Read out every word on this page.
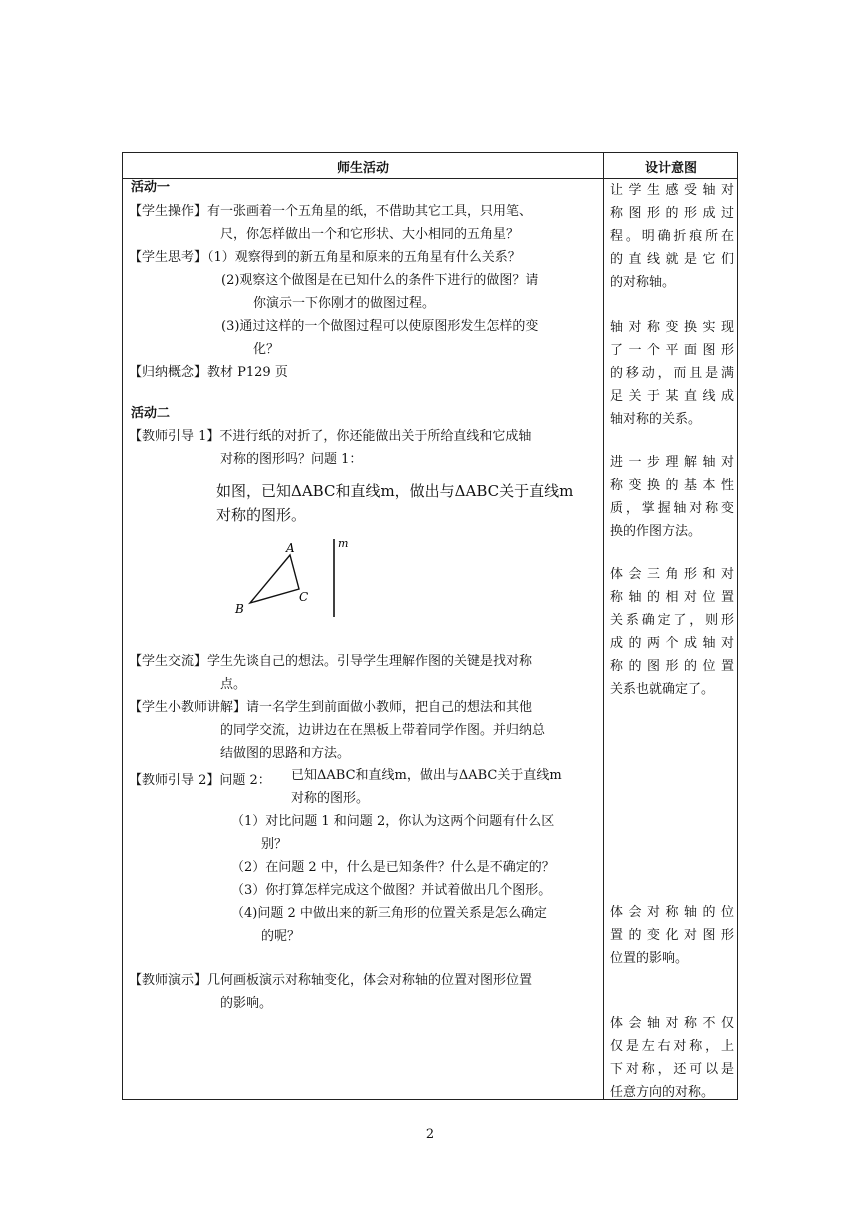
师生活动	设计意图
活动一
【学生操作】有一张画着一个五角星的纸，不借助其它工具，只用笔、
尺，你怎样做出一个和它形状、大小相同的五角星？
【学生思考】（1）观察得到的新五角星和原来的五角星有什么关系？
(2)观察这个做图是在已知什么的条件下进行的做图？请
你演示一下你刚才的做图过程。
(3)通过这样的一个做图过程可以使原图形发生怎样的变
化？
【归纳概念】教材 P129 页
活动二
【教师引导 1】不进行纸的对折了，你还能做出关于所给直线和它成轴
对称的图形吗？问题 1：
如图，已知ΔABC和直线m，做出与ΔABC关于直线m
对称的图形。
A
B
C
m
【学生交流】学生先谈自己的想法。引导学生理解作图的关键是找对称
点。
【学生小教师讲解】请一名学生到前面做小教师，把自己的想法和其他
的同学交流，边讲边在在黑板上带着同学作图。并归纳总
结做图的思路和方法。
【教师引导 2】问题 2： 已知ΔABC和直线m，做出与ΔABC关于直线m
对称的图形。
（1）对比问题 1 和问题 2，你认为这两个问题有什么区
别？
（2）在问题 2 中，什么是已知条件？什么是不确定的？
（3）你打算怎样完成这个做图？并试着做出几个图形。
（4)问题 2 中做出来的新三角形的位置关系是怎么确定
的呢？
【教师演示】几何画板演示对称轴变化，体会对称轴的位置对图形位置
的影响。
让学生感受轴对
称图形的形成过
程。明确折痕所在
的直线就是它们
的对称轴。
轴对称变换实现
了一个平面图形
的移动，而且是满
足关于某直线成
轴对称的关系。
进一步理解轴对
称变换的基本性
质，掌握轴对称变
换的作图方法。
体会三角形和对
称轴的相对位置
关系确定了，则形
成的两个成轴对
称的图形的位置
关系也就确定了。
体会对称轴的位
置的变化对图形
位置的影响。
体会轴对称不仅
仅是左右对称，上
下对称，还可以是
任意方向的对称。
2
